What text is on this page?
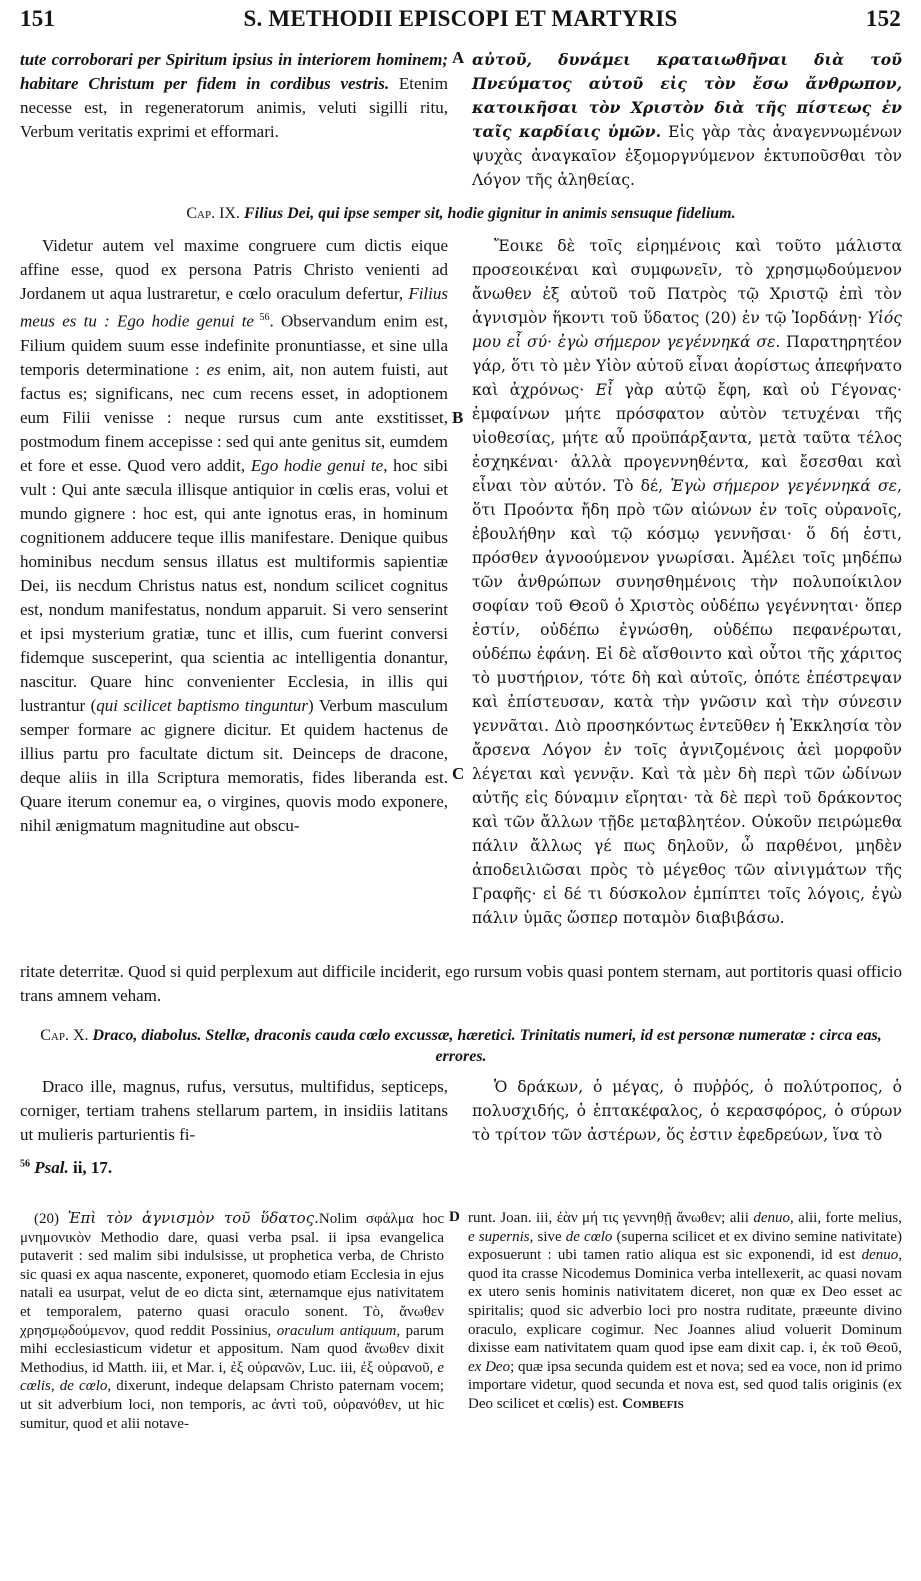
151	S. METHODII EPISCOPI ET MARTYRIS	152

tute corroborari per Spiritum ipsius in interiorem hominem; habitare Christum per fidem in cordibus vestris. Etenim necesse est, in regeneratorum animis, veluti sigilli ritu, Verbum veritatis exprimi et efformari.

A αὐτοῦ, δυνάμει κραταιωθῆναι διὰ τοῦ Πνεύματος αὐτοῦ εἰς τὸν ἔσω ἄνθρωπον, κατοικῆσαι τὸν Χριστὸν διὰ τῆς πίστεως ἐν ταῖς καρδίαις ὑμῶν. Εἰς γὰρ τὰς ἀναγεννωμένων ψυχὰς ἀναγκαῖον ἐξομοργνύμενον ἐκτυποῦσθαι τὸν Λόγον τῆς ἀληθείας.

Cap. IX. Filius Dei, qui ipse semper sit, hodie gignitur in animis sensuque fidelium.

Videtur autem vel maxime congruere cum dictis eique affine esse, quod ex persona Patris Christo venienti ad Jordanem ut aqua lustraretur, e cœlo oraculum defertur, Filius meus es tu : Ego hodie genui te $^{56}$. Observandum enim est, Filium quidem suum esse indefinite pronuntiasse, et sine ulla temporis determinatione : es enim, ait, non autem fuisti, aut factus es; significans, nec cum recens esset, in adoptionem eum Filii venisse : neque rursus cum ante exstitisset, postmodum finem accepisse : sed qui ante genitus sit, eumdem et fore et esse. Quod vero addit, Ego hodie genui te, hoc sibi vult : Qui ante sæcula illisque antiquior in cœlis eras, volui et mundo gignere : hoc est, qui ante ignotus eras, in hominum cognitionem adducere teque illis manifestare. Denique quibus hominibus necdum sensus illatus est multiformis sapientiæ Dei, iis necdum Christus natus est, nondum scilicet cognitus est, nondum manifestatus, nondum apparuit. Si vero senserint et ipsi mysterium gratiæ, tunc et illis, cum fuerint conversi fidemque susceperint, qua scientia ac intelligentia donantur, nascitur. Quare hinc convenienter Ecclesia, in illis qui lustrantur (qui scilicet baptismo tinguntur) Verbum masculum semper formare ac gignere dicitur. Et quidem hactenus de illius partu pro facultate dictum sit. Deinceps de dracone, deque aliis in illa Scriptura memoratis, fides liberanda est. Quare iterum conemur ea, o virgines, quovis modo exponere, nihil ænigmatum magnitudine aut obscu-

B
C

Ἔοικε δὲ τοῖς εἰρημένοις καὶ τοῦτο μάλιστα προσεοικέναι καὶ συμφωνεῖν, τὸ χρησμῳδούμενον ἄνωθεν ἐξ αὐτοῦ τοῦ Πατρὸς τῷ Χριστῷ ἐπὶ τὸν ἁγνισμὸν ἥκοντι τοῦ ὕδατος (20) ἐν τῷ Ἰορδάνῃ· Υἱός μου εἶ σύ· ἐγὼ σήμερον γεγέννηκά σε. Παρατηρητέον γάρ, ὅτι τὸ μὲν Υἱὸν αὐτοῦ εἶναι ἀορίστως ἀπεφήνατο καὶ ἀχρόνως· Εἶ γὰρ αὐτῷ ἔφη, καὶ οὐ Γέγονας· ἐμφαίνων μήτε πρόσφατον αὐτὸν τετυχέναι τῆς υἱοθεσίας, μήτε αὖ προϋπάρξαντα, μετὰ ταῦτα τέλος ἐσχηκέναι· ἀλλὰ προγεννηθέντα, καὶ ἔσεσθαι καὶ εἶναι τὸν αὐτόν. Τὸ δέ, Ἐγὼ σήμερον γεγέννηκά σε, ὅτι Προόντα ἤδη πρὸ τῶν αἰώνων ἐν τοῖς οὐρανοῖς, ἐβουλήθην καὶ τῷ κόσμῳ γεννῆσαι· ὅ δή ἐστι, πρόσθεν ἀγνοούμενον γνωρίσαι. Ἀμέλει τοῖς μηδέπω τῶν ἀνθρώπων συνησθημένοις τὴν πολυποίκιλον σοφίαν τοῦ Θεοῦ ὁ Χριστὸς οὐδέπω γεγέννηται· ὅπερ ἐστίν, οὐδέπω ἐγνώσθη, οὐδέπω πεφανέρωται, οὐδέπω ἐφάνη. Εἰ δὲ αἴσθοιντο καὶ οὗτοι τῆς χάριτος τὸ μυστήριον, τότε δὴ καὶ αὐτοῖς, ὁπότε ἐπέστρεψαν καὶ ἐπίστευσαν, κατὰ τὴν γνῶσιν καὶ τὴν σύνεσιν γεννᾶται. Διὸ προσηκόντως ἐντεῦθεν ἡ Ἐκκλησία τὸν ἄρσενα Λόγον ἐν τοῖς ἁγνιζομένοις ἀεὶ μορφοῦν λέγεται καὶ γεννᾷν. Καὶ τὰ μὲν δὴ περὶ τῶν ὠδίνων αὐτῆς εἰς δύναμιν εἴρηται· τὰ δὲ περὶ τοῦ δράκοντος καὶ τῶν ἄλλων τῇδε μεταβλητέον. Οὐκοῦν πειρώμεθα πάλιν ἄλλως γέ πως δηλοῦν, ὦ παρθένοι, μηδὲν ἀποδειλιῶσαι πρὸς τὸ μέγεθος τῶν αἰνιγμάτων τῆς Γραφῆς· εἰ δέ τι δύσκολον ἐμπίπτει τοῖς λόγοις, ἐγὼ πάλιν ὑμᾶς ὥσπερ ποταμὸν διαβιβάσω.

ritate deterritæ. Quod si quid perplexum aut difficile inciderit, ego rursum vobis quasi pontem sternam, aut portitoris quasi officio trans amnem veham.
Cap. X. Draco, diabolus. Stellæ, draconis cauda cœlo excussæ, hæretici. Trinitatis numeri, id est personæ numeratæ : circa eas, errores.

Draco ille, magnus, rufus, versutus, multifidus, septiceps, corniger, tertiam trahens stellarum partem, in insidiis latitans ut mulieris parturientis fi-

Ὁ δράκων, ὁ μέγας, ὁ πυῤῥός, ὁ πολύτροπος, ὁ πολυσχιδής, ὁ ἑπτακέφαλος, ὁ κερασφόρος, ὁ σύρων τὸ τρίτον τῶν ἀστέρων, ὅς ἐστιν ἐφεδρεύων, ἵνα τὸ

$^{56}$ Psal. ii, 17.
D

(20) Ἐπὶ τὸν ἁγνισμὸν τοῦ ὕδατος.Nolim σφάλμα hoc μνημονικὸν Methodio dare, quasi verba psal. ii ipsa evangelica putaverit : sed malim sibi indulsisse, ut prophetica verba, de Christo sic quasi ex aqua nascente, exponeret, quomodo etiam Ecclesia in ejus natali ea usurpat, velut de eo dicta sint, æternamque ejus nativitatem et temporalem, paterno quasi oraculo sonent. Τὸ, ἄνωθεν χρησμῳδούμενον, quod reddit Possinius, oraculum antiquum, parum mihi ecclesiasticum videtur et appositum. Nam quod ἄνωθεν dixit Methodius, id Matth. iii, et Mar. i, ἐξ οὐρανῶν, Luc. iii, ἐξ οὐρανοῦ, e cœlis, de cœlo, dixerunt, indeque delapsam Christo paternam vocem; ut sit adverbium loci, non temporis, ac ἀντὶ τοῦ, οὐρανόθεν, ut hic sumitur, quod et alii notave-

runt. Joan. iii, ἐὰν μή τις γεννηθῇ ἄνωθεν; alii denuo, alii, forte melius, e supernis, sive de cœlo (superna scilicet et ex divino semine nativitate) exposuerunt : ubi tamen ratio aliqua est sic exponendi, id est denuo, quod ita crasse Nicodemus Dominica verba intellexerit, ac quasi novam ex utero senis hominis nativitatem diceret, non quæ ex Deo esset ac spiritalis; quod sic adverbio loci pro nostra ruditate, præeunte divino oraculo, explicare cogimur. Nec Joannes aliud voluerit Dominum dixisse eam nativitatem quam quod ipse eam dixit cap. i, ἐκ τοῦ Θεοῦ, ex Deo; quæ ipsa secunda quidem est et nova; sed ea voce, non id primo importare videtur, quod secunda et nova est, sed quod talis originis (ex Deo scilicet et cœlis) est. Combefis
